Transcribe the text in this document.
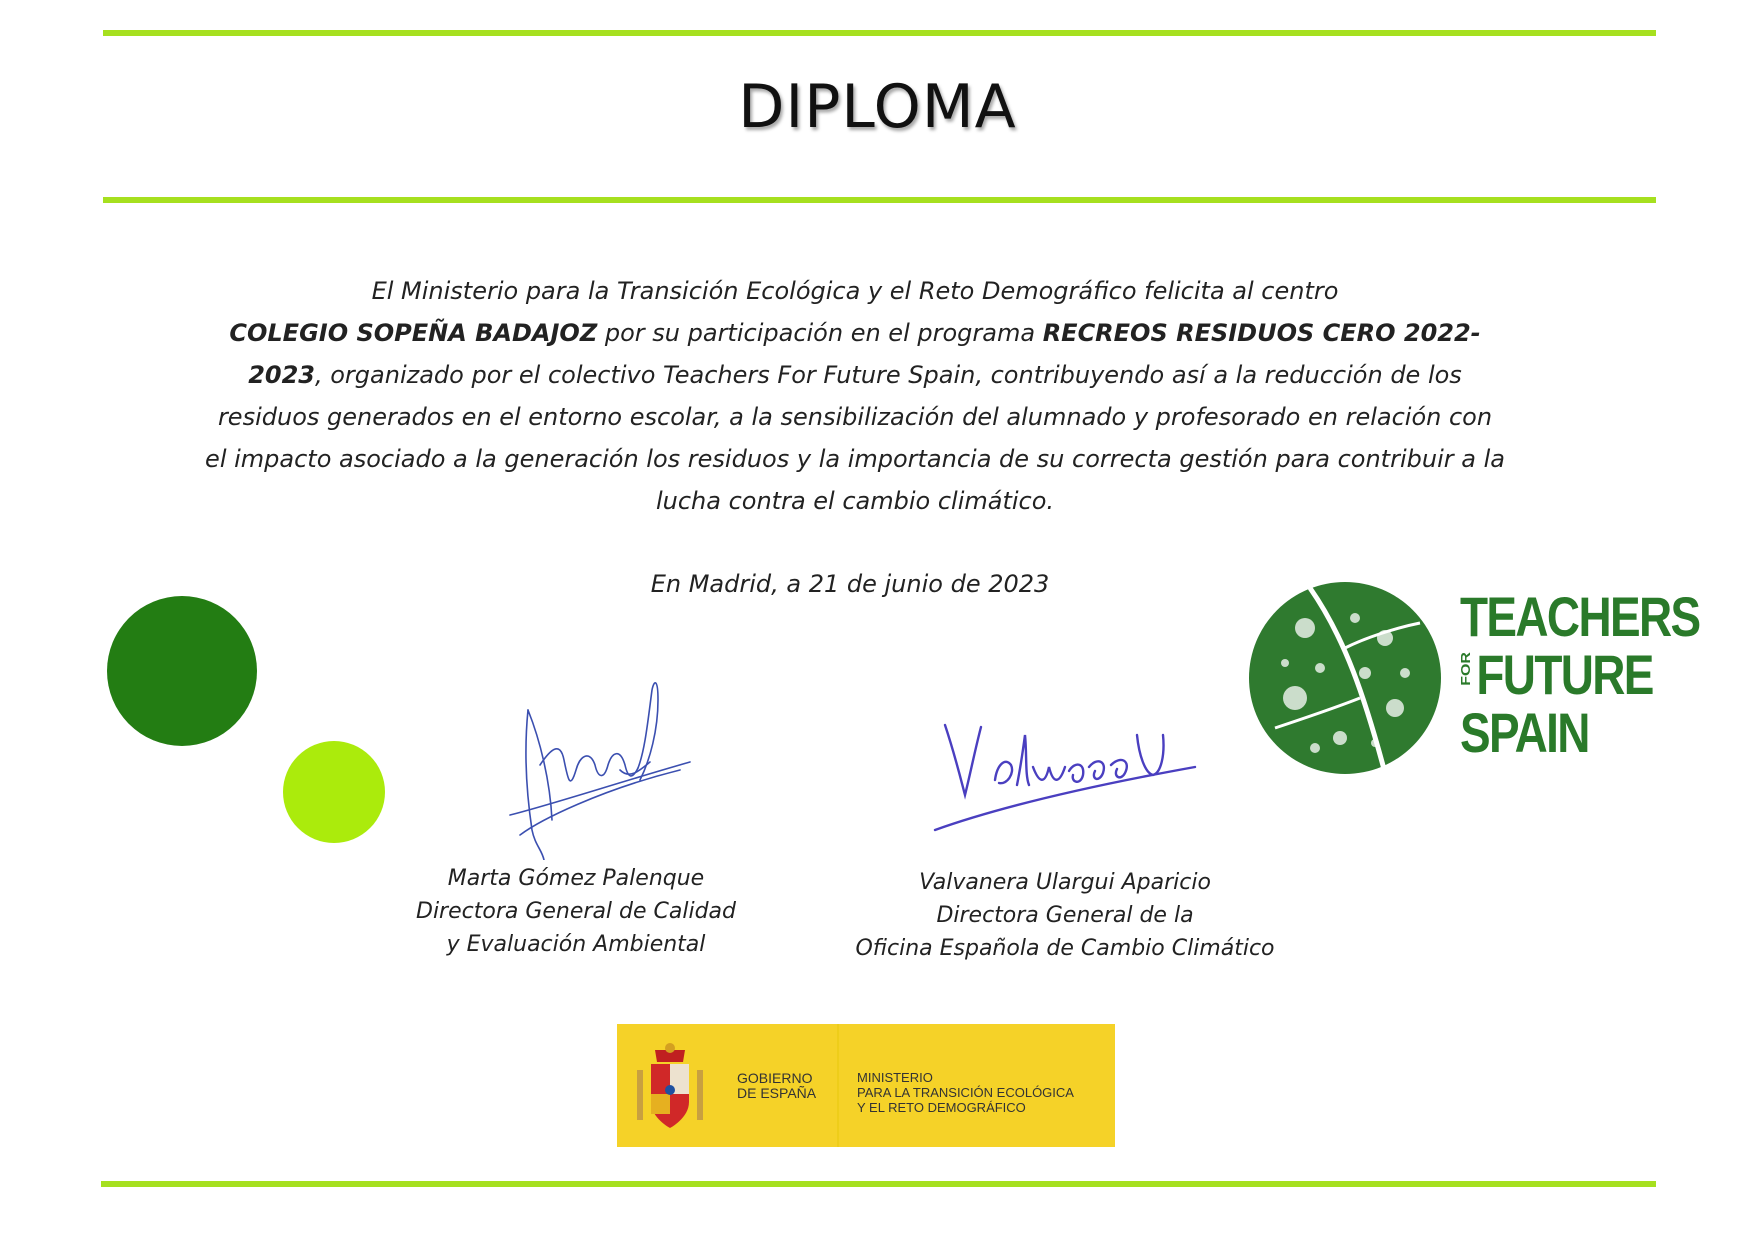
DIPLOMA
El Ministerio para la Transición Ecológica y el Reto Demográfico felicita al centro
COLEGIO SOPEÑA BADAJOZ por su participación en el programa RECREOS RESIDUOS CERO 2022-2023, organizado por el colectivo Teachers For Future Spain, contribuyendo así a la reducción de los residuos generados en el entorno escolar, a la sensibilización del alumnado y profesorado en relación con el impacto asociado a la generación los residuos y la importancia de su correcta gestión para contribuir a la lucha contra el cambio climático.
En Madrid, a 21 de junio de 2023
Marta Gómez Palenque
Directora General de Calidad
y Evaluación Ambiental
Valvanera Ulargui Aparicio
Directora General de la
Oficina Española de Cambio Climático
TEACHERS
FORFUTURE
SPAIN
GOBIERNO
DE ESPAÑA
MINISTERIO
PARA LA TRANSICIÓN ECOLÓGICA
Y EL RETO DEMOGRÁFICO
